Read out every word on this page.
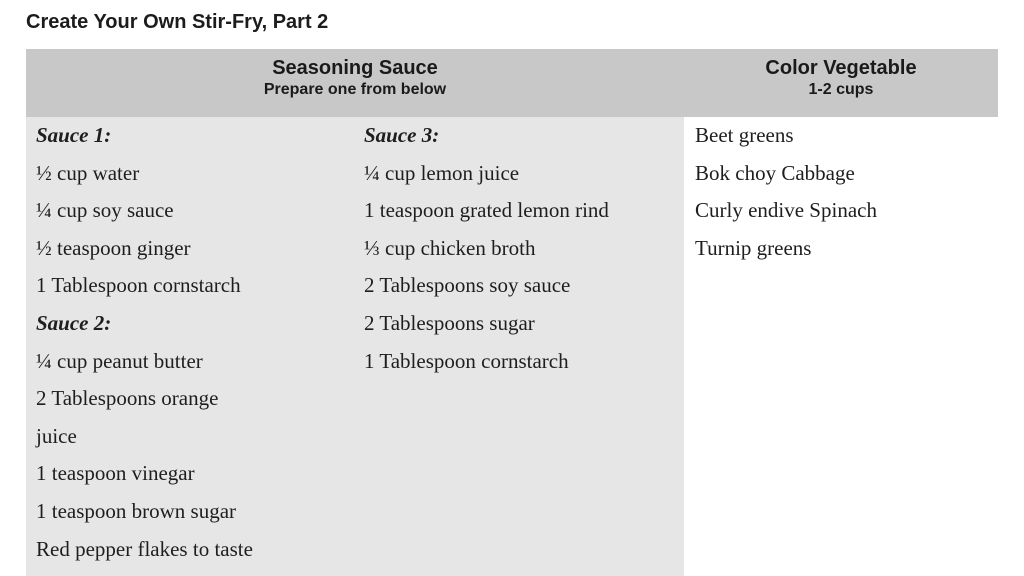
Create Your Own Stir-Fry, Part 2
Seasoning Sauce
Prepare one from below
Color Vegetable
1-2 cups
Sauce 1:
½ cup water
¼ cup soy sauce
½ teaspoon ginger
1 Tablespoon cornstarch
Sauce 2:
¼ cup peanut butter
2 Tablespoons orange
juice
1 teaspoon vinegar
1 teaspoon brown sugar
Red pepper flakes to taste
Sauce 3:
¼ cup lemon juice
1 teaspoon grated lemon rind
⅓ cup chicken broth
2 Tablespoons soy sauce
2 Tablespoons sugar
1 Tablespoon cornstarch
Beet greens
Bok choy Cabbage
Curly endive Spinach
Turnip greens
